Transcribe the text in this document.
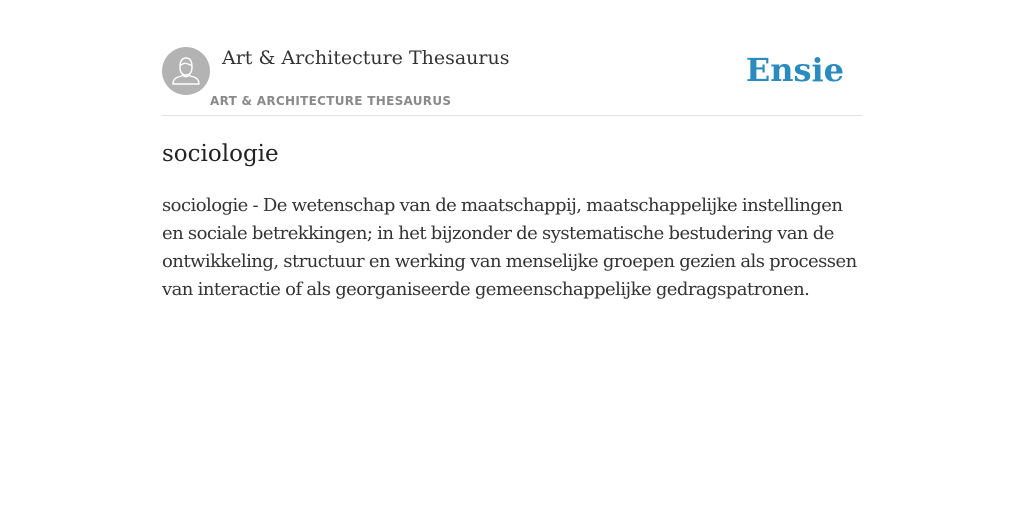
Art & Architecture Thesaurus
ART & ARCHITECTURE THESAURUS
Ensie
sociologie

sociologie - De wetenschap van de maatschappij, maatschappelijke instellingen en sociale betrekkingen; in het bijzonder de systematische bestudering van de ontwikkeling, structuur en werking van menselijke groepen gezien als processen van interactie of als georganiseerde gemeenschappelijke gedragspatronen.
